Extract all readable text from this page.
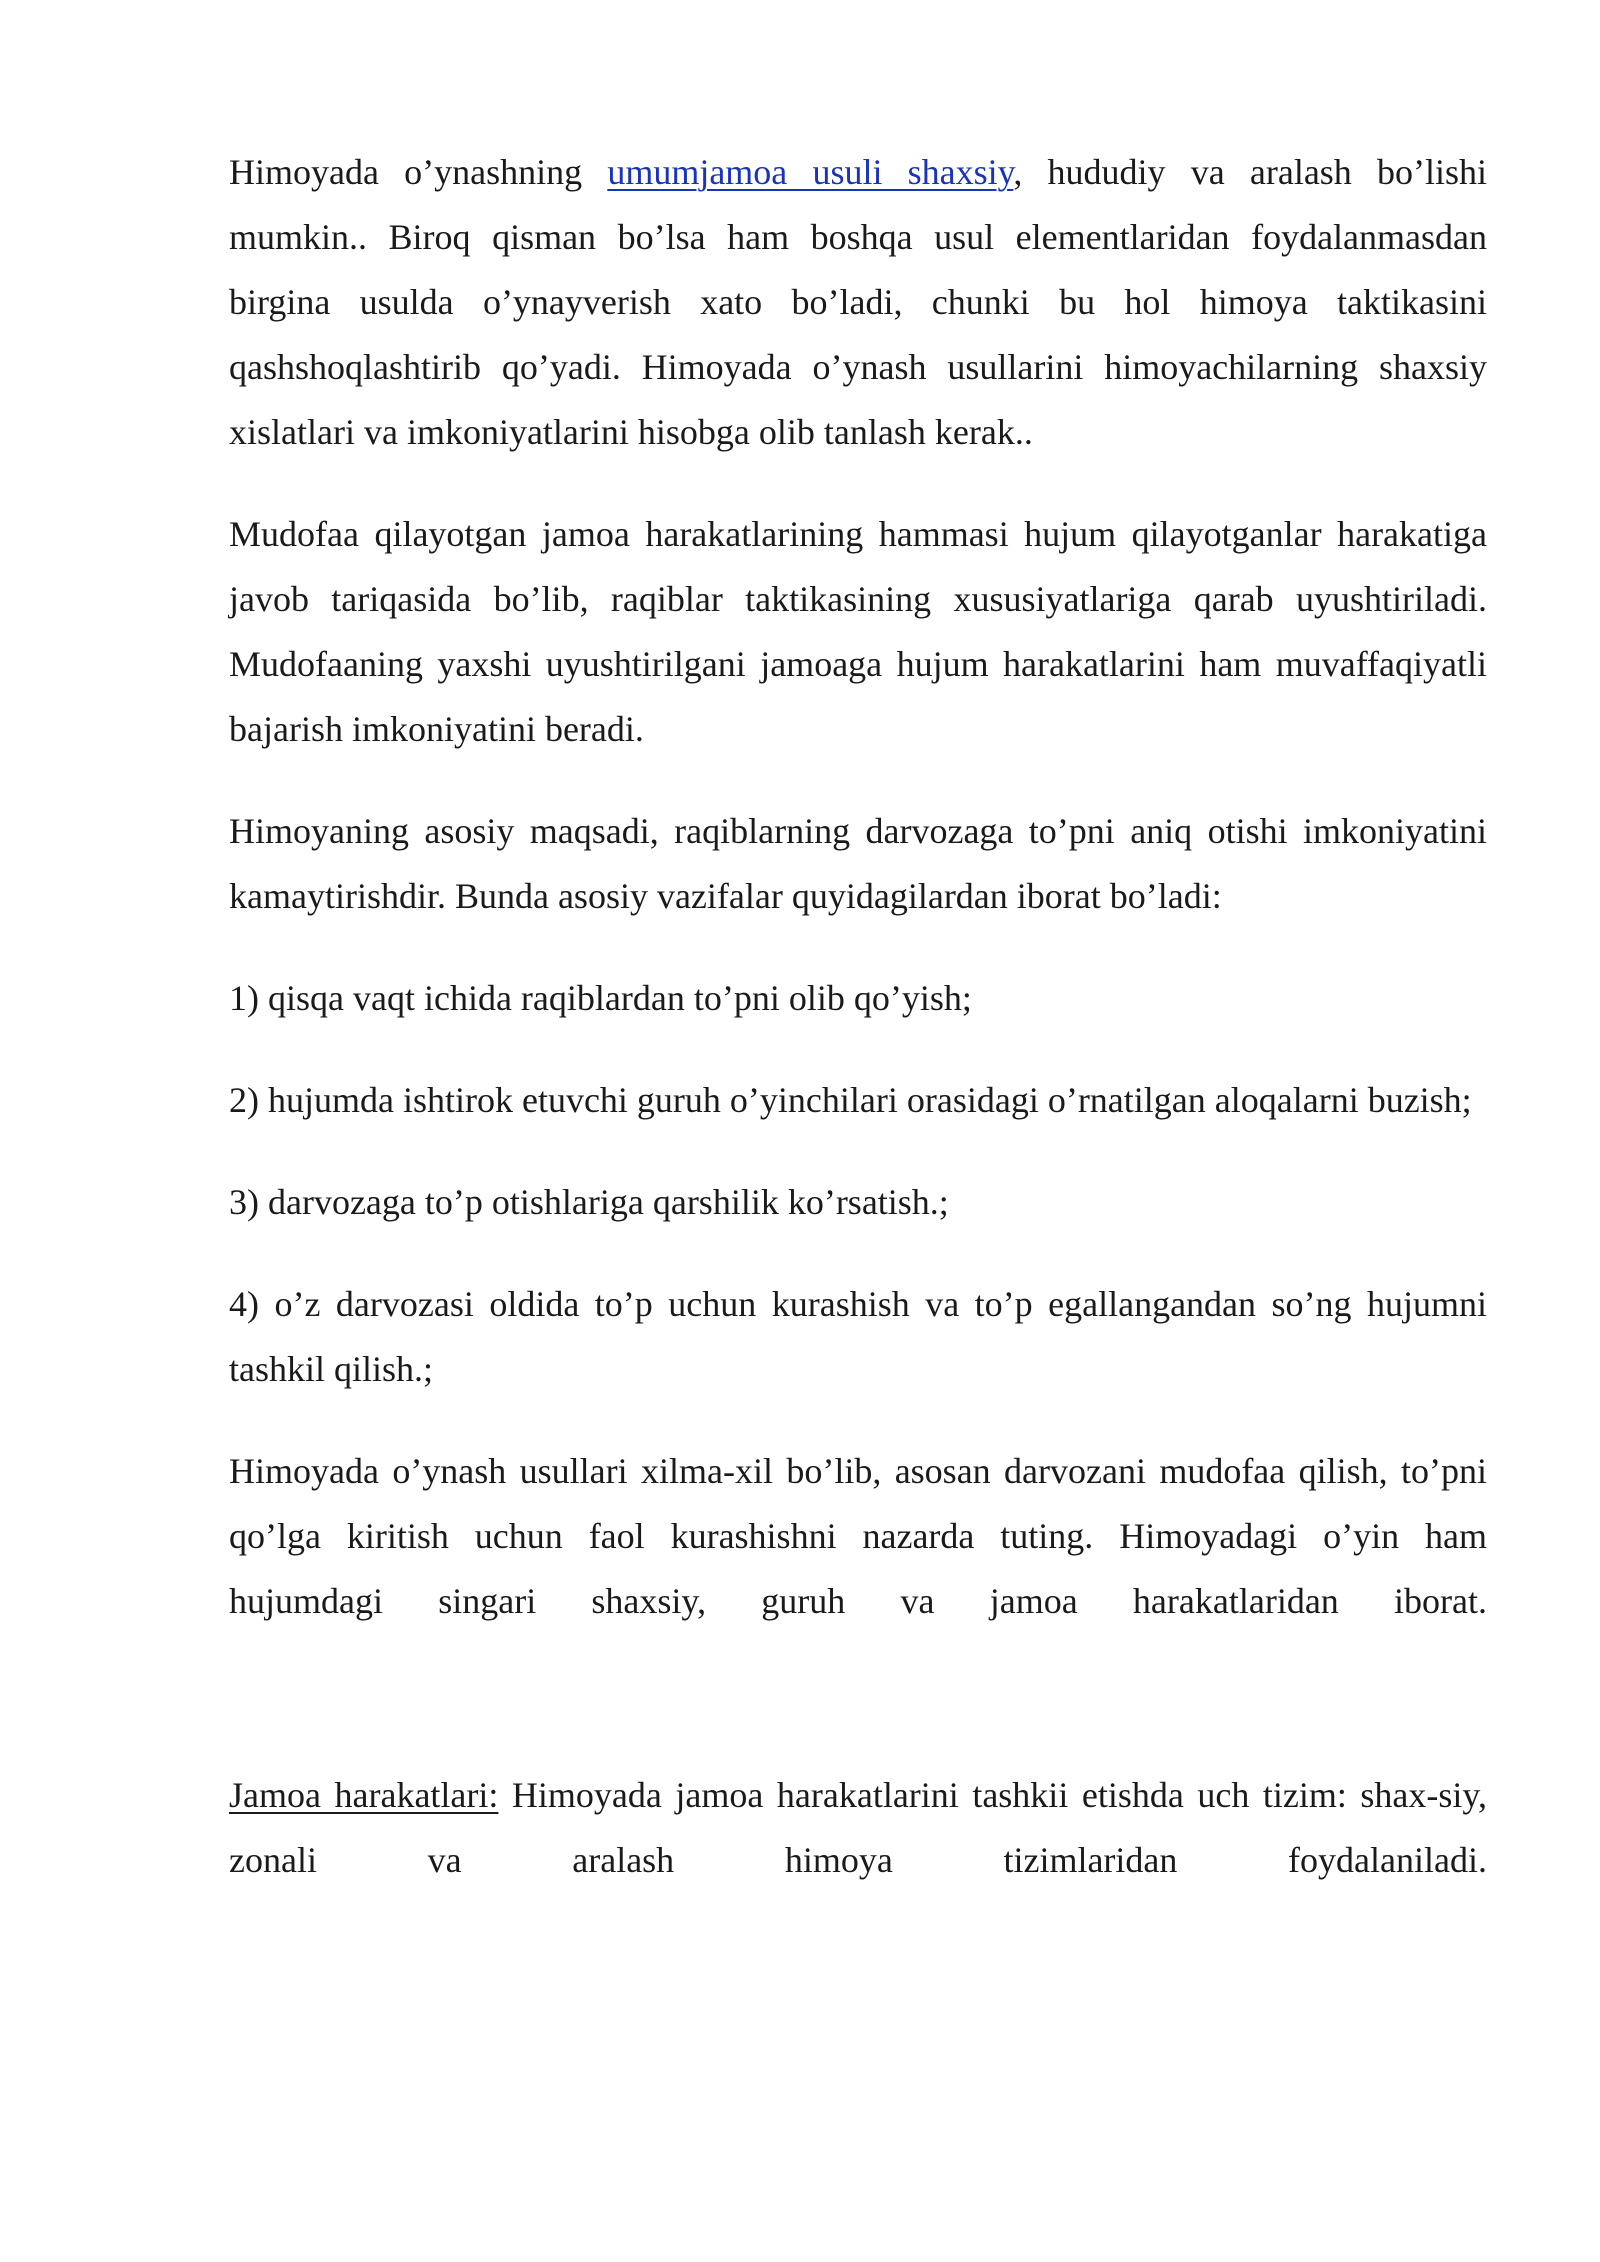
Himoyada o’ynashning umumjamoa usuli shaxsiy, hududiy va aralash bo’lishi mumkin.. Biroq qisman bo’lsa ham boshqa usul elementlaridan foydalanmasdan birgina usulda o’ynayverish xato bo’ladi, chunki bu hol himoya taktikasini qashshoqlashtirib qo’yadi. Himoyada o’ynash usullarini himoyachilarning shaxsiy xislatlari va imkoniyatlarini hisobga olib tanlash kerak..

Mudofaa qilayotgan jamoa harakatlarining hammasi hujum qilayotganlar harakatiga javob tariqasida bo’lib, raqiblar taktikasining xususiyatlariga qarab uyushtiriladi. Mudofaaning yaxshi uyushtirilgani jamoaga hujum harakatlarini ham muvaffaqiyatli bajarish imkoniyatini beradi.

Himoyaning asosiy maqsadi, raqiblarning darvozaga to’pni aniq otishi imkoniyatini kamaytirishdir. Bunda asosiy vazifalar quyidagilardan iborat bo’ladi:

1) qisqa vaqt ichida raqiblardan to’pni olib qo’yish;

2) hujumda ishtirok etuvchi guruh o’yinchilari orasidagi o’rnatilgan aloqalarni buzish;

3) darvozaga to’p otishlariga qarshilik ko’rsatish.;

4) o’z darvozasi oldida to’p uchun kurashish va to’p egallangandan so’ng hujumni tashkil qilish.;

Himoyada o’ynash usullari xilma-xil bo’lib, asosan darvozani mudofaa qilish, to’pni qo’lga kiritish uchun faol kurashishni nazarda tuting. Himoyadagi o’yin ham hujumdagi singari shaxsiy, guruh va jamoa harakatlaridan iborat.

Jamoa harakatlari: Himoyada jamoa harakatlarini tashkii etishda uch tizim: shax-siy, zonali va aralash himoya tizimlaridan foydalaniladi.
